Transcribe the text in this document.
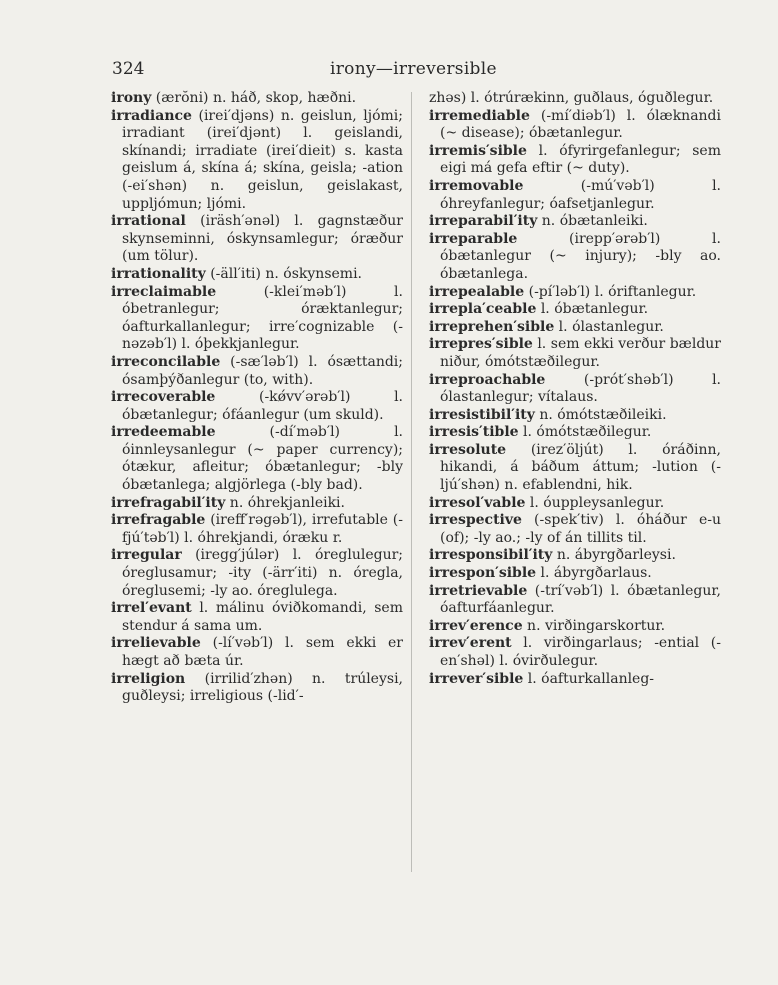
324	irony—irreversible
irony (ærŏni) n. háð, skop, hæðni.
irradiance (irei′djəns) n. geislun, ljómi; irradiant (irei′djənt) l. geislandi, skínandi; irradiate (irei′dieit) s. kasta geislum á, skína á; skína, geisla; -ation (-ei′shən) n. geislun, geislakast, uppljómun; ljómi.
irrational (iräsh′ənəl) l. gagnstæður skynseminni, óskynsamlegur; óræður (um tölur).
irrationality (-äll′iti) n. óskynsemi.
irreclaimable (-klei′məb′l) l. óbetranlegur; óræktanlegur; óafturkallanlegur; irre′cognizable (-nəzəb′l) l. óþekkjanlegur.
irreconcilable (-sæ′ləb′l) l. ósættandi; ósamþýðanlegur (to, with).
irrecoverable (-kǿvv′ərəb′l) l. óbætanlegur; ófáanlegur (um skuld).
irredeemable (-dí′məb′l) l. óinnleysanlegur (~ paper currency); ótækur, afleitur; óbætanlegur; -bly óbætanlega; algjörlega (-bly bad).
irrefragabil′ity n. óhrekjanleiki.
irrefragable (ireff′rəgəb′l), irrefutable (-fjú′təb′l) l. óhrekjandi, óræku r.
irregular (iregg′júlər) l. óreglulegur; óreglusamur; -ity (-ärr′iti) n. óregla, óreglusemi; -ly ao. óreglulega.
irrel′evant l. málinu óviðkomandi, sem stendur á sama um.
irrelievable (-lí′vəb′l) l. sem ekki er hægt að bæta úr.
irreligion (irrilid′zhən) n. trúleysi, guðleysi; irreligious (-lid′-
zhəs) l. ótrúrækinn, guðlaus, óguðlegur.
irremediable (-mí′diəb′l) l. ólæknandi (~ disease); óbætanlegur.
irremis′sible l. ófyrirgefanlegur; sem eigi má gefa eftir (~ duty).
irremovable (-mú′vəb′l) l. óhreyfanlegur; óafsetjanlegur.
irreparabil′ity n. óbætanleiki.
irreparable (irepp′ərəb′l) l. óbætanlegur (~ injury); -bly ao. óbætanlega.
irrepealable (-pí′ləb′l) l. óriftanlegur.
irrepla′ceable l. óbætanlegur.
irreprehen′sible l. ólastanlegur.
irrepres′sible l. sem ekki verður bældur niður, ómótstæðilegur.
irreproachable (-prót′shəb′l) l. ólastanlegur; vítalaus.
irresistibil′ity n. ómótstæðileiki.
irresis′tible l. ómótstæðilegur.
irresolute (irez′öljút) l. óráðinn, hikandi, á báðum áttum; -lution (-ljú′shən) n. efablendni, hik.
irresol′vable l. óuppleysanlegur.
irrespective (-spek′tiv) l. óháður e-u (of); -ly ao.; -ly of án tillits til.
irresponsibil′ity n. ábyrgðarleysi.
irrespon′sible l. ábyrgðarlaus.
irretrievable (-trí′vəb′l) l. óbætanlegur, óafturfáanlegur.
irrev′erence n. virðingarskortur.
irrev′erent l. virðingarlaus; -ential (-en′shəl) l. óvirðulegur.
irrever′sible l. óafturkallanleg-
